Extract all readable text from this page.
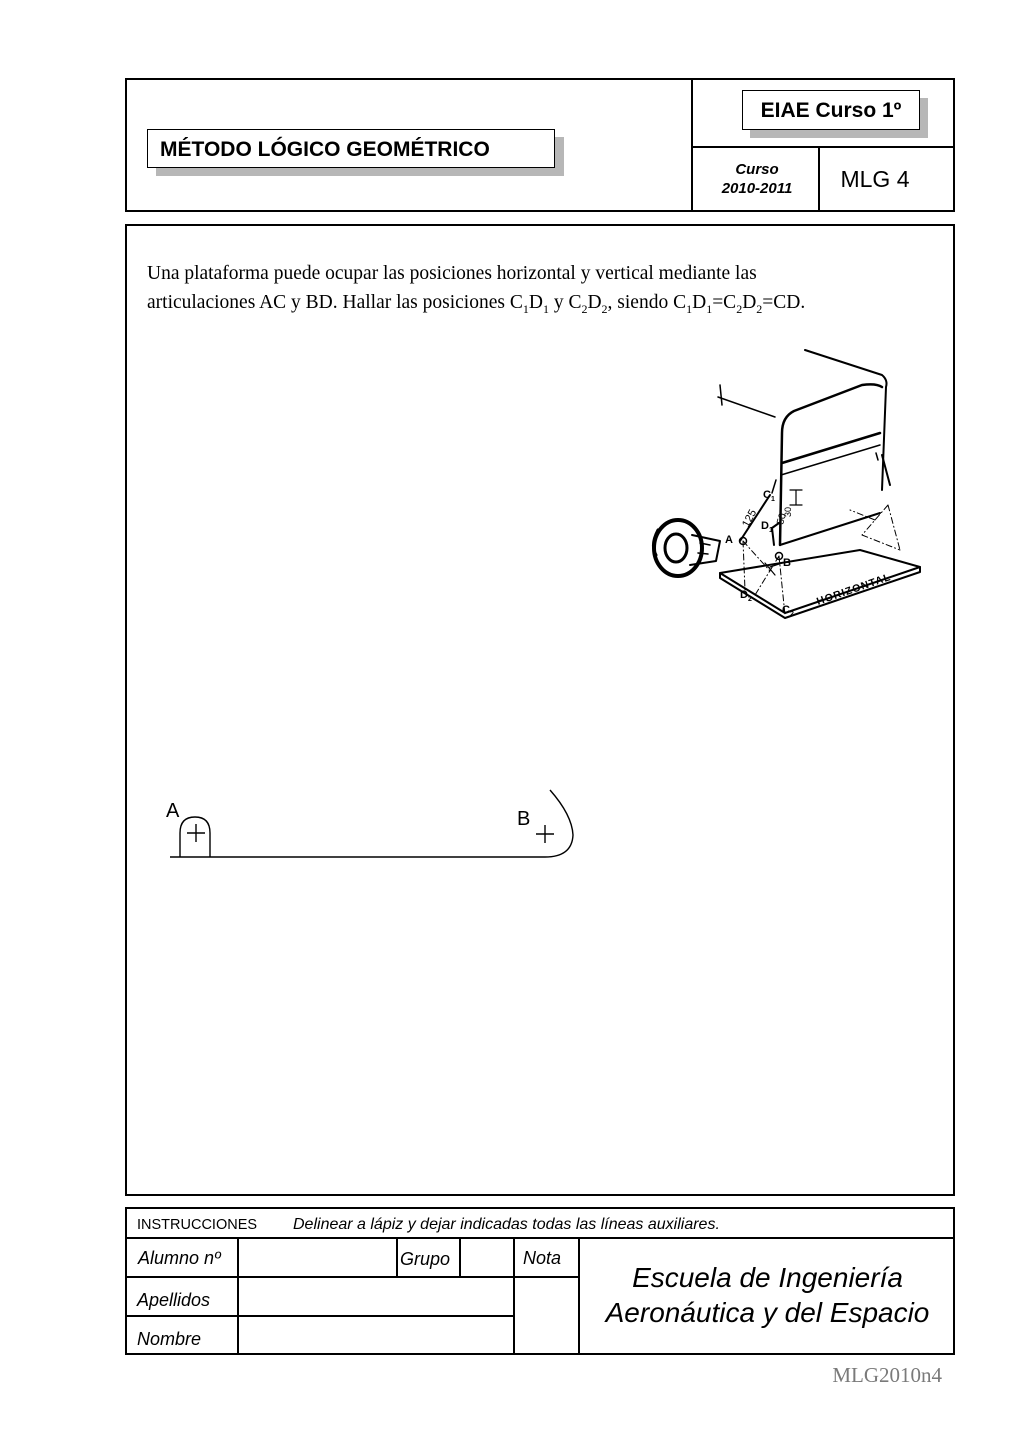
MÉTODO LÓGICO GEOMÉTRICO
EIAE Curso 1º
Curso
2010-2011	MLG 4
Una plataforma puede ocupar las posiciones horizontal y vertical mediante las
articulaciones AC y BD. Hallar las posiciones $C_1D_1$ y $C_2D_2$, siendo $C_1D_1=C_2D_2=CD$.
$C_1$
$D_1$
A
B
$D_2$
$C_2$
125 50
30
HORIZONTAL
A	B
INSTRUCCIONES Delinear a lápiz y dejar indicadas todas las líneas auxiliares.
Alumno nº	Grupo	Nota
Apellidos
Nombre
Escuela de Ingeniería
Aeronáutica y del Espacio
MLG2010n4
